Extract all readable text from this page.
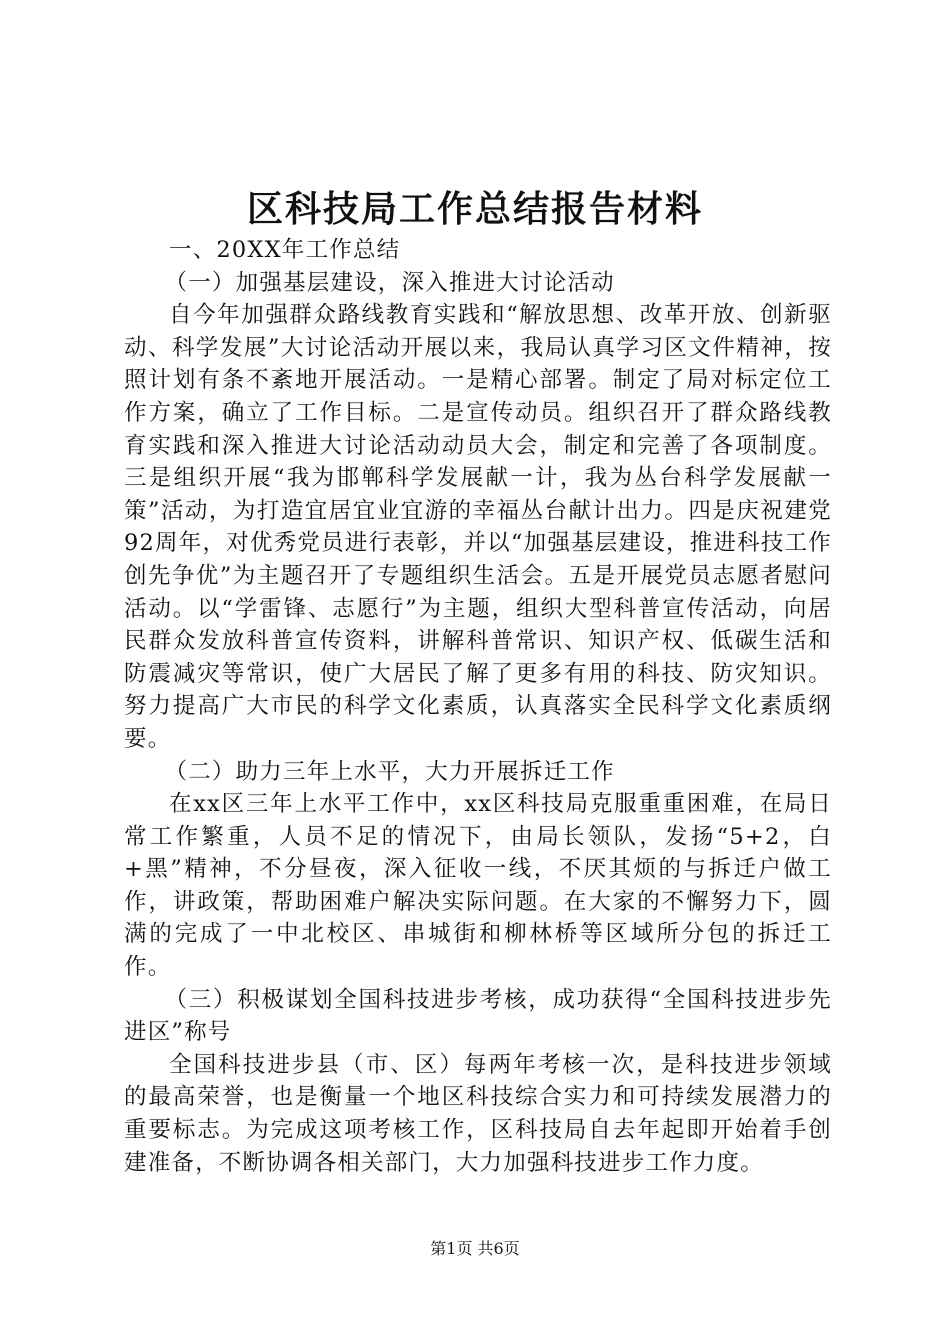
区科技局工作总结报告材料

一、20XX年工作总结

（一）加强基层建设，深入推进大讨论活动

自今年加强群众路线教育实践和“解放思想、改革开放、创新驱动、科学发展”大讨论活动开展以来，我局认真学习区文件精神，按照计划有条不紊地开展活动。一是精心部署。制定了局对标定位工作方案，确立了工作目标。二是宣传动员。组织召开了群众路线教育实践和深入推进大讨论活动动员大会，制定和完善了各项制度。三是组织开展“我为邯郸科学发展献一计，我为丛台科学发展献一策”活动，为打造宜居宜业宜游的幸福丛台献计出力。四是庆祝建党92周年，对优秀党员进行表彰，并以“加强基层建设，推进科技工作创先争优”为主题召开了专题组织生活会。五是开展党员志愿者慰问活动。以“学雷锋、志愿行”为主题，组织大型科普宣传活动，向居民群众发放科普宣传资料，讲解科普常识、知识产权、低碳生活和防震减灾等常识，使广大居民了解了更多有用的科技、防灾知识。努力提高广大市民的科学文化素质，认真落实全民科学文化素质纲要。

（二）助力三年上水平，大力开展拆迁工作

在xx区三年上水平工作中，xx区科技局克服重重困难，在局日常工作繁重，人员不足的情况下，由局长领队，发扬“5+2，白+黑”精神，不分昼夜，深入征收一线，不厌其烦的与拆迁户做工作，讲政策，帮助困难户解决实际问题。在大家的不懈努力下，圆满的完成了一中北校区、串城街和柳林桥等区域所分包的拆迁工作。

（三）积极谋划全国科技进步考核，成功获得“全国科技进步先进区”称号

全国科技进步县（市、区）每两年考核一次，是科技进步领域的最高荣誉，也是衡量一个地区科技综合实力和可持续发展潜力的重要标志。为完成这项考核工作，区科技局自去年起即开始着手创建准备，不断协调各相关部门，大力加强科技进步工作力度。

第1页 共6页
